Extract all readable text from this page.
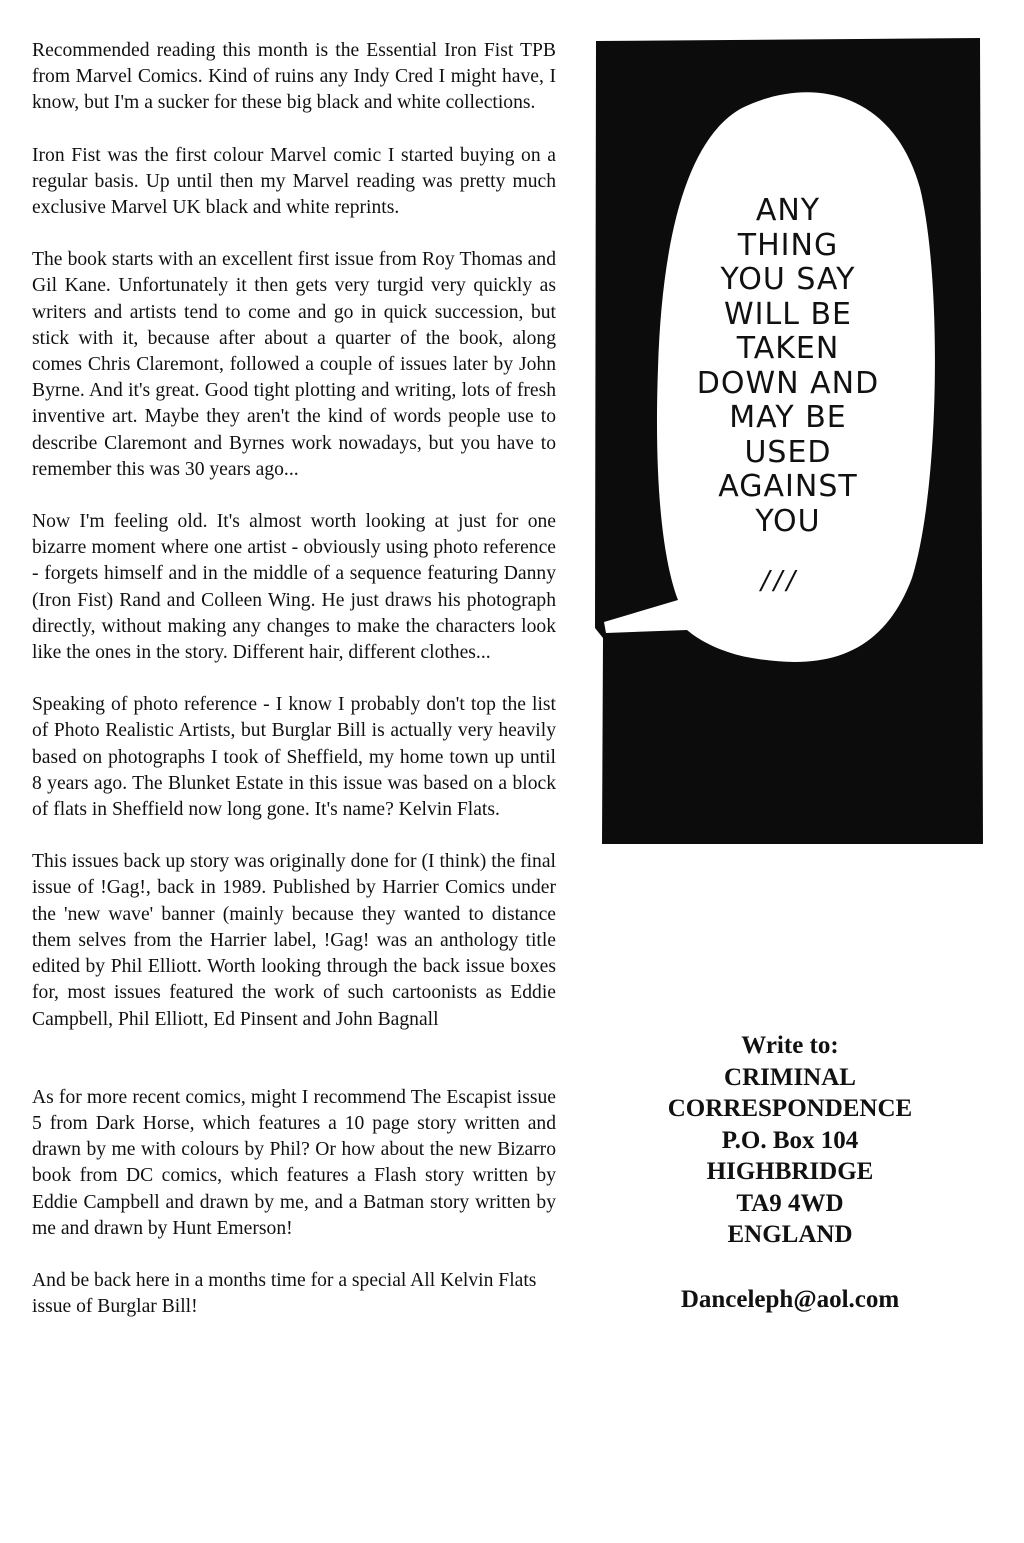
Recommended reading this month is the Essential Iron Fist TPB from Marvel Comics. Kind of ruins any Indy Cred I might have, I know, but I'm a sucker for these big black and white collections.

Iron Fist was the first colour Marvel comic I started buying on a regular basis. Up until then my Marvel reading was pretty much exclusive Marvel UK black and white reprints.

The book starts with an excellent first issue from Roy Thomas and Gil Kane. Unfortunately it then gets very turgid very quickly as writers and artists tend to come and go in quick succession, but stick with it, because after about a quarter of the book, along comes Chris Claremont, followed a couple of issues later by John Byrne. And it's great. Good tight plotting and writing, lots of fresh inventive art. Maybe they aren't the kind of words people use to describe Claremont and Byrnes work nowadays, but you have to remember this was 30 years ago...

Now I'm feeling old. It's almost worth looking at just for one bizarre moment where one artist - obviously using photo reference - forgets himself and in the middle of a sequence featuring Danny (Iron Fist) Rand and Colleen Wing. He just draws his photograph directly, without making any changes to make the characters look like the ones in the story. Different hair, different clothes...

Speaking of photo reference - I know I probably don't top the list of Photo Realistic Artists, but Burglar Bill is actually very heavily based on photographs I took of Sheffield, my home town up until 8 years ago. The Blunket Estate in this issue was based on a block of flats in Sheffield now long gone. It's name? Kelvin Flats.

This issues back up story was originally done for (I think) the final issue of !Gag!, back in 1989. Published by Harrier Comics under the 'new wave' banner (mainly because they wanted to distance them selves from the Harrier label, !Gag! was an anthology title edited by Phil Elliott. Worth looking through the back issue boxes for, most issues featured the work of such cartoonists as Eddie Campbell, Phil Elliott, Ed Pinsent and John Bagnall

As for more recent comics, might I recommend The Escapist issue 5 from Dark Horse, which features a 10 page story written and drawn by me with colours by Phil? Or how about the new Bizarro book from DC comics, which features a Flash story written by Eddie Campbell and drawn by me, and a Batman story written by me and drawn by Hunt Emerson!

And be back here in a months time for a special All Kelvin Flats issue of Burglar Bill!

ANY
THING
YOU SAY
WILL BE
TAKEN
DOWN AND
MAY BE
USED
AGAINST
YOU
///
Write to:
CRIMINAL
CORRESPONDENCE
P.O. Box 104
HIGHBRIDGE
TA9 4WD
ENGLAND
Danceleph@aol.com
